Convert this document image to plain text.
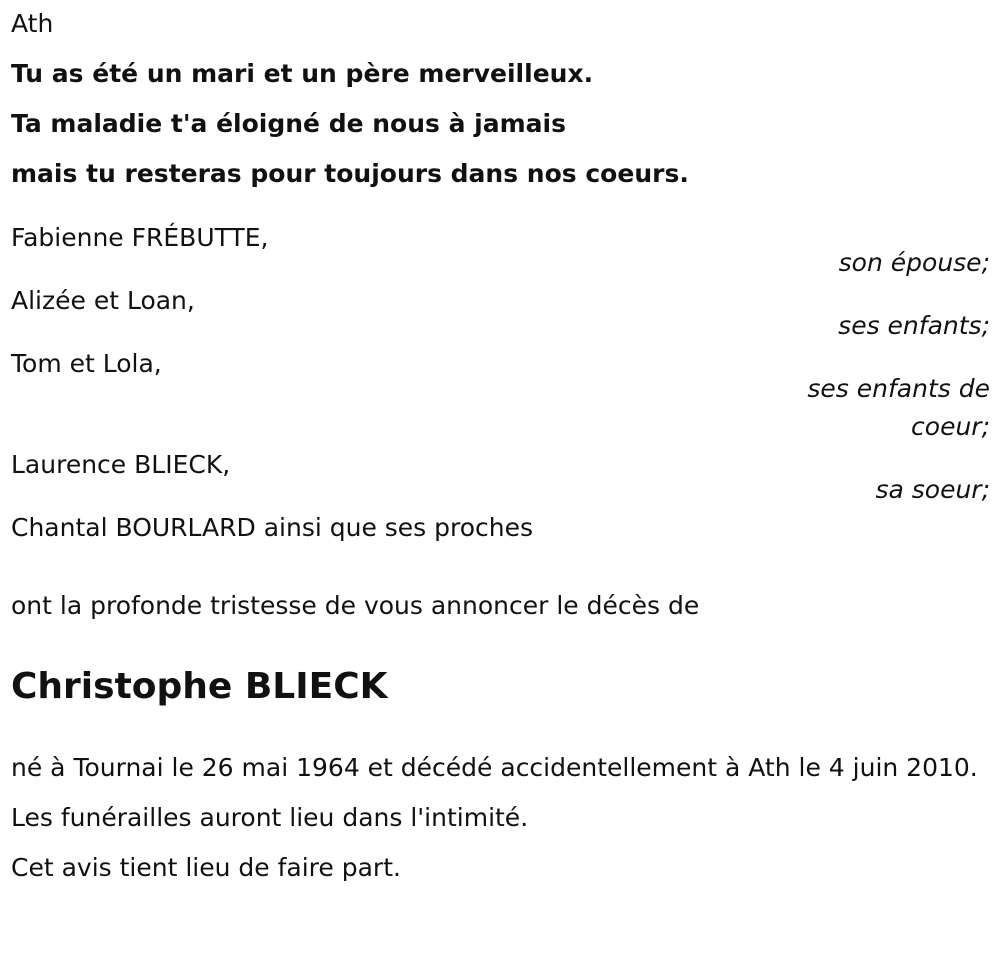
Ath
Tu as été un mari et un père merveilleux.
Ta maladie t'a éloigné de nous à jamais
mais tu resteras pour toujours dans nos coeurs.
Fabienne FRÉBUTTE,
son épouse;
Alizée et Loan,
ses enfants;
Tom et Lola,
ses enfants de coeur;
Laurence BLIECK,
sa soeur;
Chantal BOURLARD ainsi que ses proches
ont la profonde tristesse de vous annoncer le décès de
Christophe BLIECK

né à Tournai le 26 mai 1964 et décédé accidentellement à Ath le 4 juin 2010.

Les funérailles auront lieu dans l'intimité.

Cet avis tient lieu de faire part.
